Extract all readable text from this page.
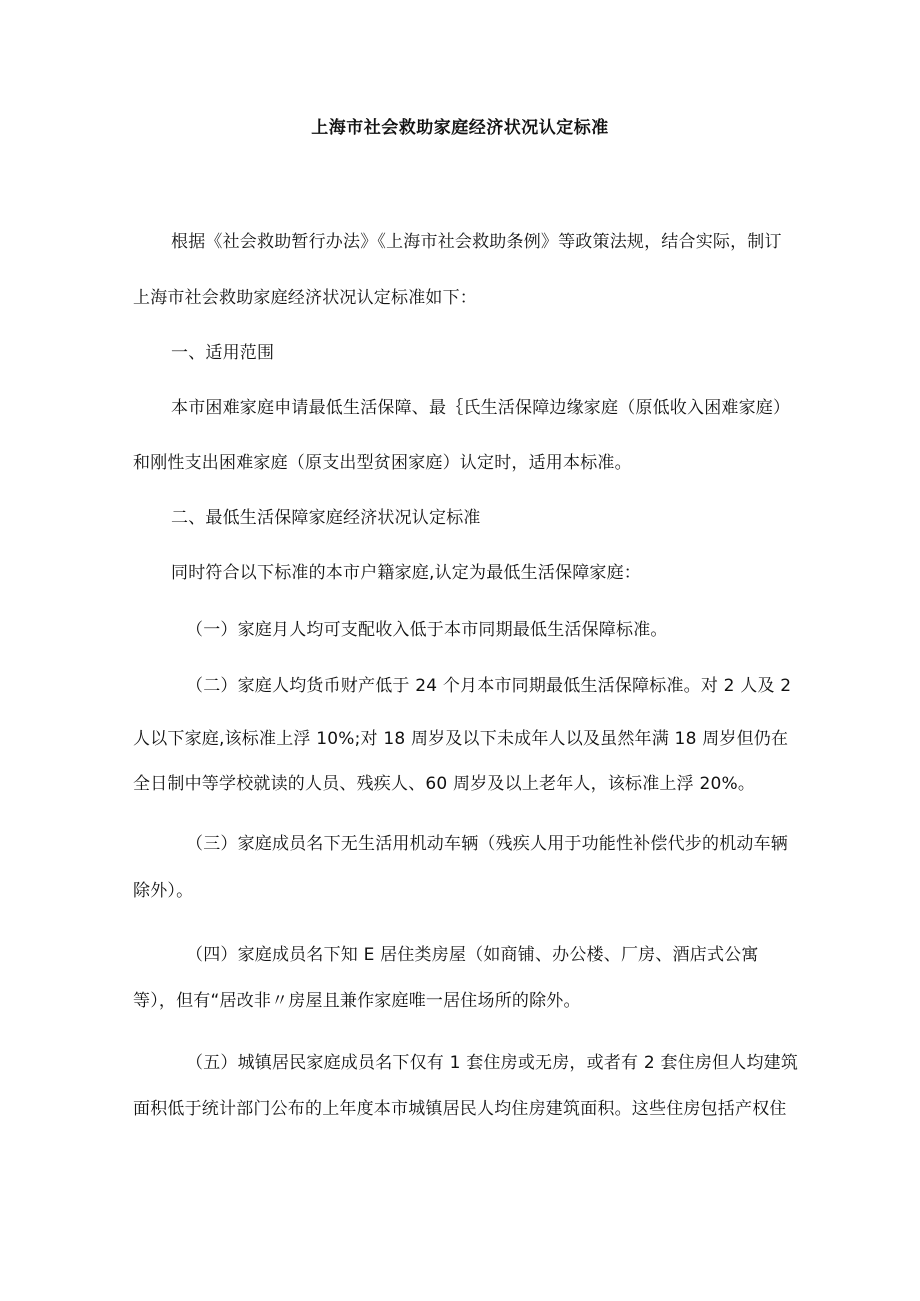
上海市社会救助家庭经济状况认定标准
根据《社会救助暂行办法》《上海市社会救助条例》等政策法规，结合实际，制订
上海市社会救助家庭经济状况认定标准如下：
一、适用范围
本市困难家庭申请最低生活保障、最｛氏生活保障边缘家庭（原低收入困难家庭）
和刚性支出困难家庭（原支出型贫困家庭）认定时，适用本标准。
二、最低生活保障家庭经济状况认定标准
同时符合以下标准的本市户籍家庭,认定为最低生活保障家庭：
（一）家庭月人均可支配收入低于本市同期最低生活保障标准。
（二）家庭人均货币财产低于 24 个月本市同期最低生活保障标准。对 2 人及 2
人以下家庭,该标准上浮 10%;对 18 周岁及以下未成年人以及虽然年满 18 周岁但仍在
全日制中等学校就读的人员、残疾人、60 周岁及以上老年人，该标准上浮 20%。
（三）家庭成员名下无生活用机动车辆（残疾人用于功能性补偿代步的机动车辆
除外）。
（四）家庭成员名下知 E 居住类房屋（如商铺、办公楼、厂房、酒店式公寓
等），但有“居改非〃房屋且兼作家庭唯一居住场所的除外。
（五）城镇居民家庭成员名下仅有 1 套住房或无房，或者有 2 套住房但人均建筑
面积低于统计部门公布的上年度本市城镇居民人均住房建筑面积。这些住房包括产权住
